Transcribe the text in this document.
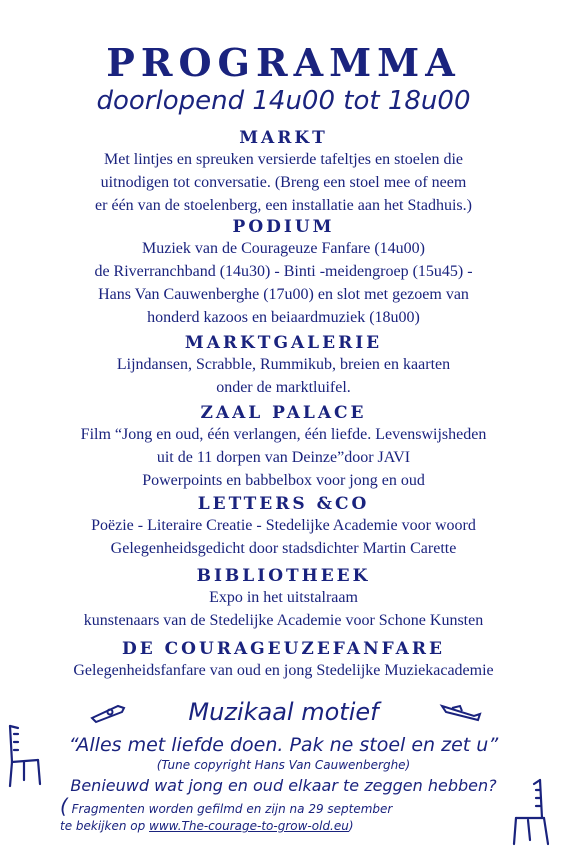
PROGRAMMA
doorlopend 14u00 tot 18u00
MARKT
Met lintjes en spreuken versierde tafeltjes en stoelen die
uitnodigen tot conversatie. (Breng een stoel mee of neem
er één van de stoelenberg, een installatie aan het Stadhuis.)
PODIUM
Muziek van de Courageuze Fanfare (14u00)
de Riverranchband (14u30) - Binti -meidengroep (15u45) -
Hans Van Cauwenberghe (17u00) en slot met gezoem van
honderd kazoos en beiaardmuziek (18u00)
MARKTGALERIE
Lijndansen, Scrabble, Rummikub, breien en kaarten
onder de marktluifel.
ZAAL PALACE
Film “Jong en oud, één verlangen, één liefde. Levenswijsheden
uit de 11 dorpen van Deinze”door JAVI
Powerpoints en babbelbox voor jong en oud
LETTERS &CO
Poëzie - Literaire Creatie - Stedelijke Academie voor woord
Gelegenheidsgedicht door stadsdichter Martin Carette
BIBLIOTHEEK
Expo in het uitstalraam
kunstenaars van de Stedelijke Academie voor Schone Kunsten
DE COURAGEUZEFANFARE
Gelegenheidsfanfare van oud en jong Stedelijke Muziekacademie
Muzikaal motief
“Alles met liefde doen. Pak ne stoel en zet u”
(Tune copyright Hans Van Cauwenberghe)
Benieuwd wat jong en oud elkaar te zeggen hebben?
( Fragmenten worden gefilmd en zijn na 29 september
te bekijken op www.The-courage-to-grow-old.eu)
